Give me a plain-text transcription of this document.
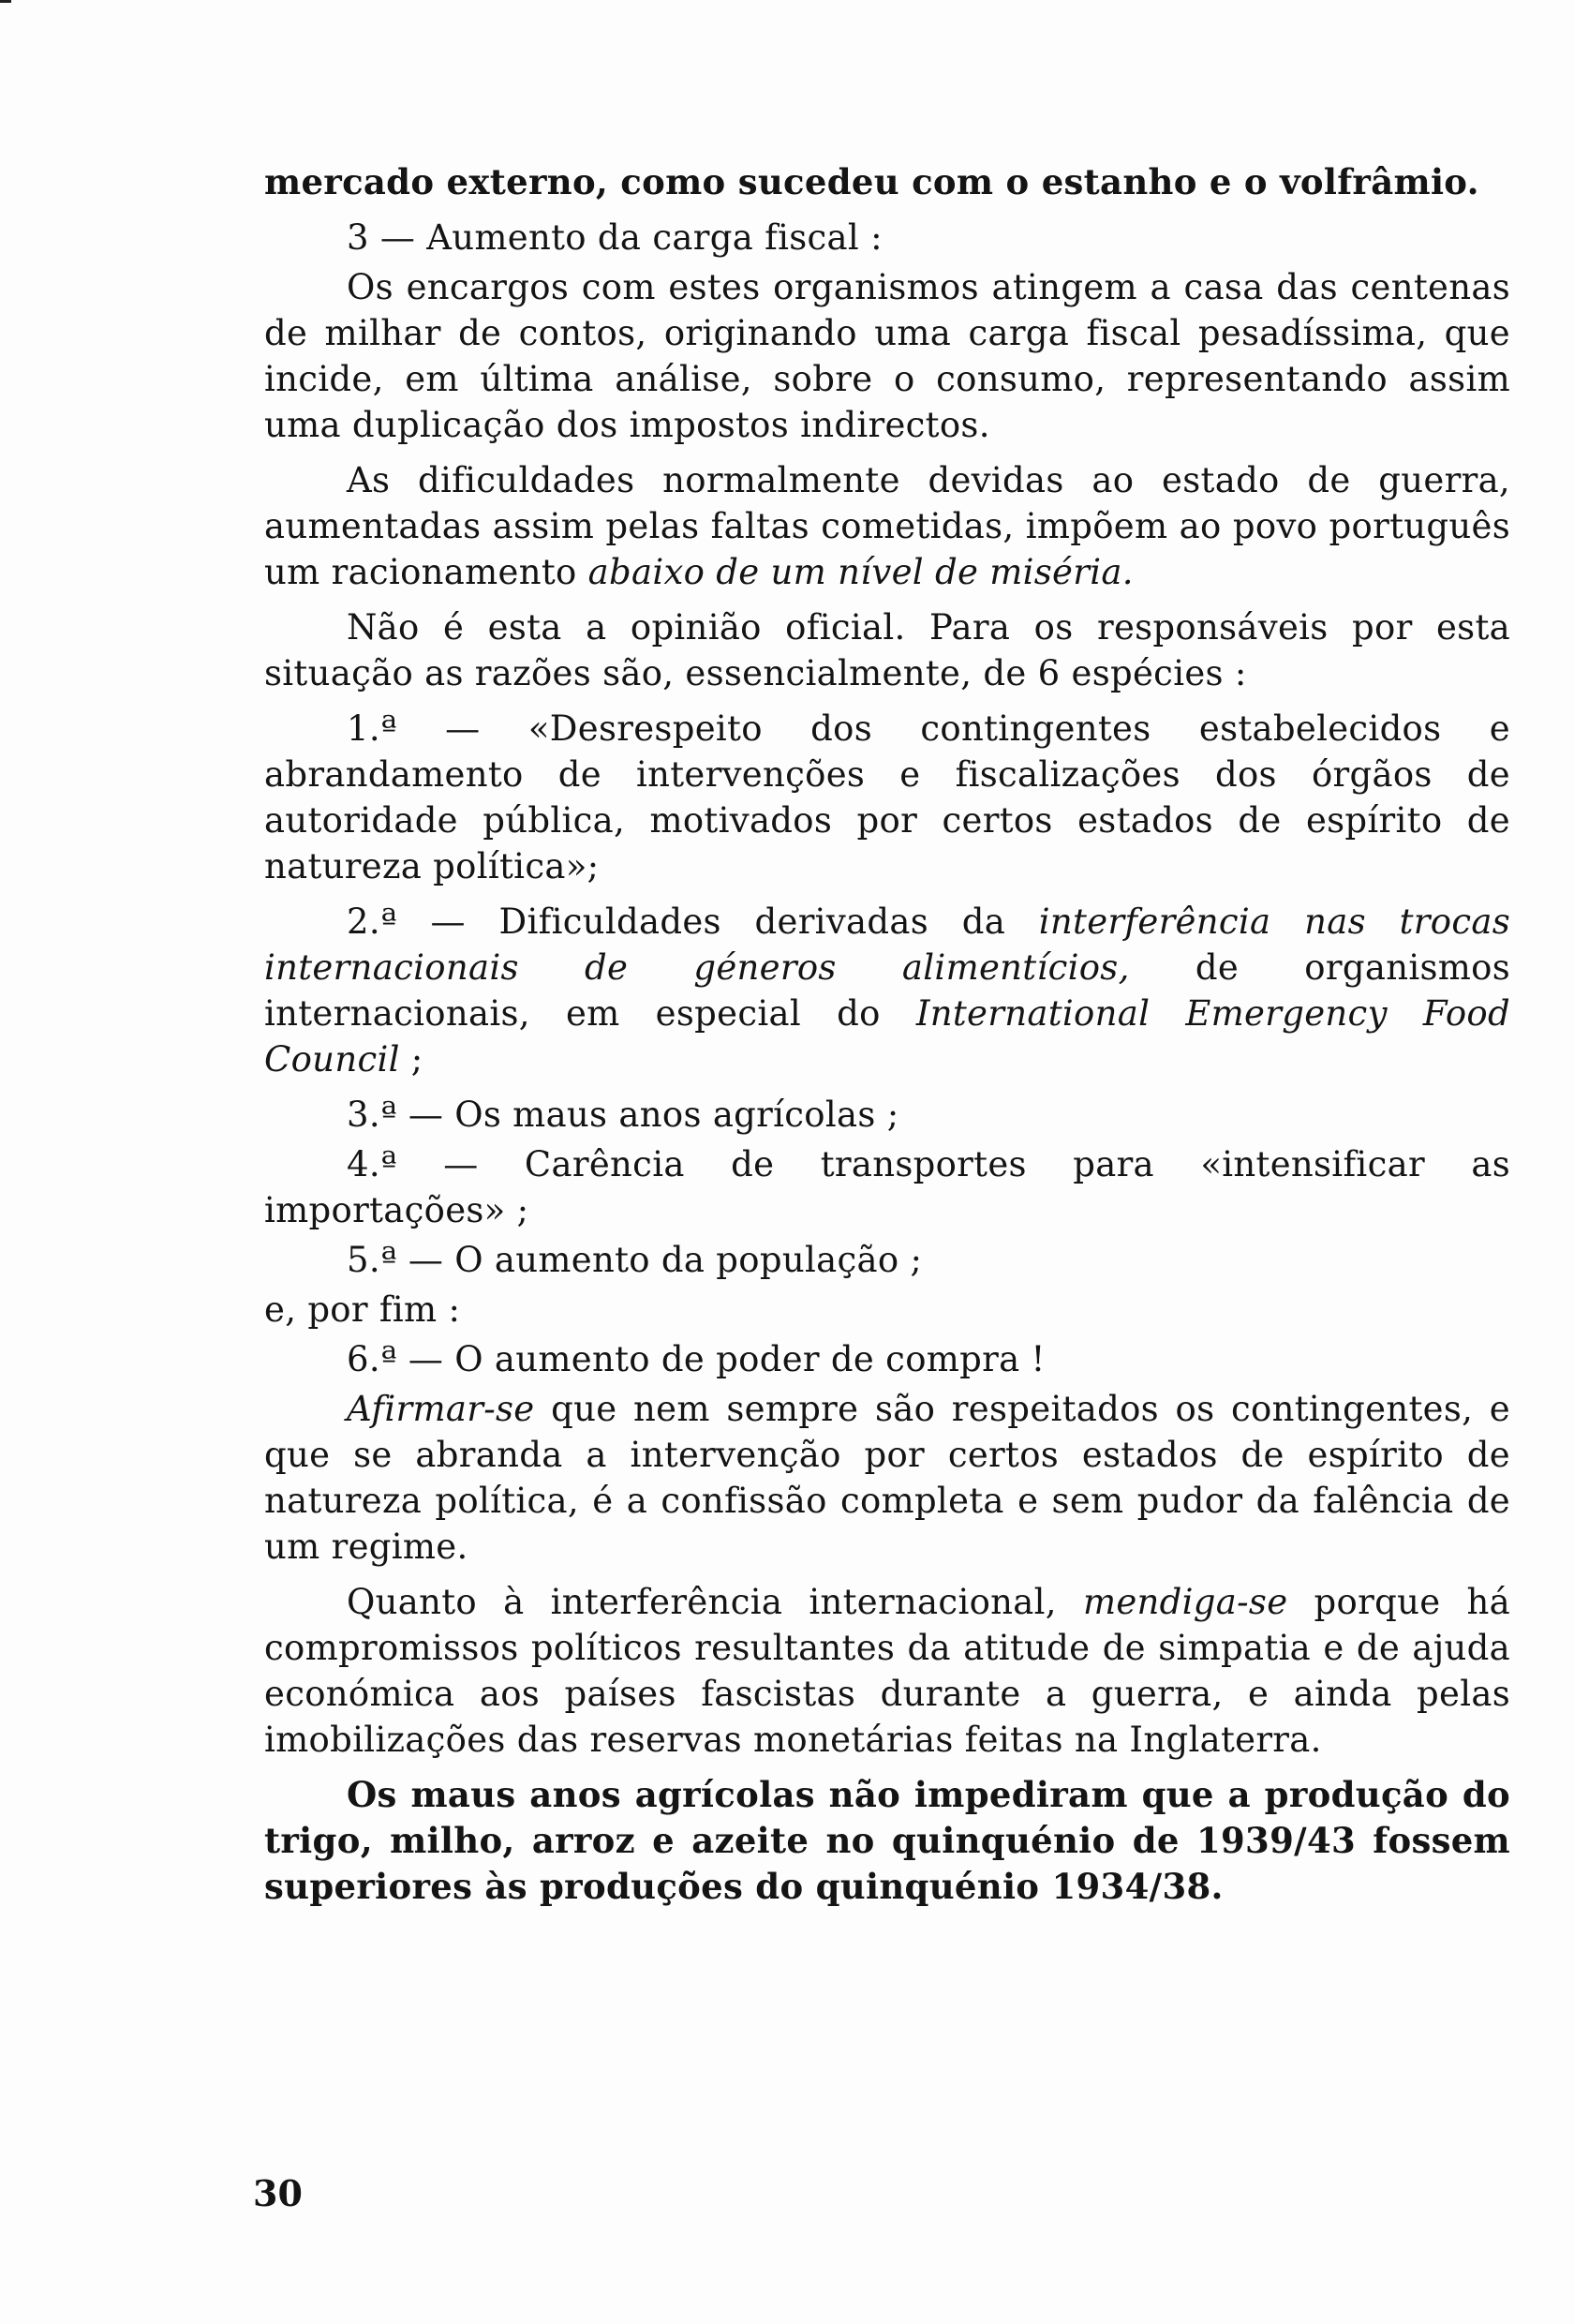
mercado externo, como sucedeu com o estanho e o volfrâmio.

3 — Aumento da carga fiscal :

Os encargos com estes organismos atingem a casa das centenas de milhar de contos, originando uma carga fiscal pesadíssima, que incide, em última análise, sobre o consumo, representando assim uma duplicação dos impostos indirectos.

As dificuldades normalmente devidas ao estado de guerra, aumentadas assim pelas faltas cometidas, impõem ao povo português um racionamento abaixo de um nível de miséria.

Não é esta a opinião oficial. Para os responsáveis por esta situação as razões são, essencialmente, de 6 espécies :

1.ª — «Desrespeito dos contingentes estabelecidos e abrandamento de intervenções e fiscalizações dos órgãos de autoridade pública, motivados por certos estados de espírito de natureza política»;

2.ª — Dificuldades derivadas da interferência nas trocas internacionais de géneros alimentícios, de organismos internacionais, em especial do International Emergency Food Council ;

3.ª — Os maus anos agrícolas ;

4.ª — Carência de transportes para «intensificar as importações» ;

5.ª — O aumento da população ;

e, por fim :

6.ª — O aumento de poder de compra !

Afirmar-se que nem sempre são respeitados os contingentes, e que se abranda a intervenção por certos estados de espírito de natureza política, é a confissão completa e sem pudor da falência de um regime.

Quanto à interferência internacional, mendiga-se porque há compromissos políticos resultantes da atitude de simpatia e de ajuda económica aos países fascistas durante a guerra, e ainda pelas imobilizações das reservas monetárias feitas na Inglaterra.

Os maus anos agrícolas não impediram que a produção do trigo, milho, arroz e azeite no quinquénio de 1939/43 fossem superiores às produções do quinquénio 1934/38.

30
